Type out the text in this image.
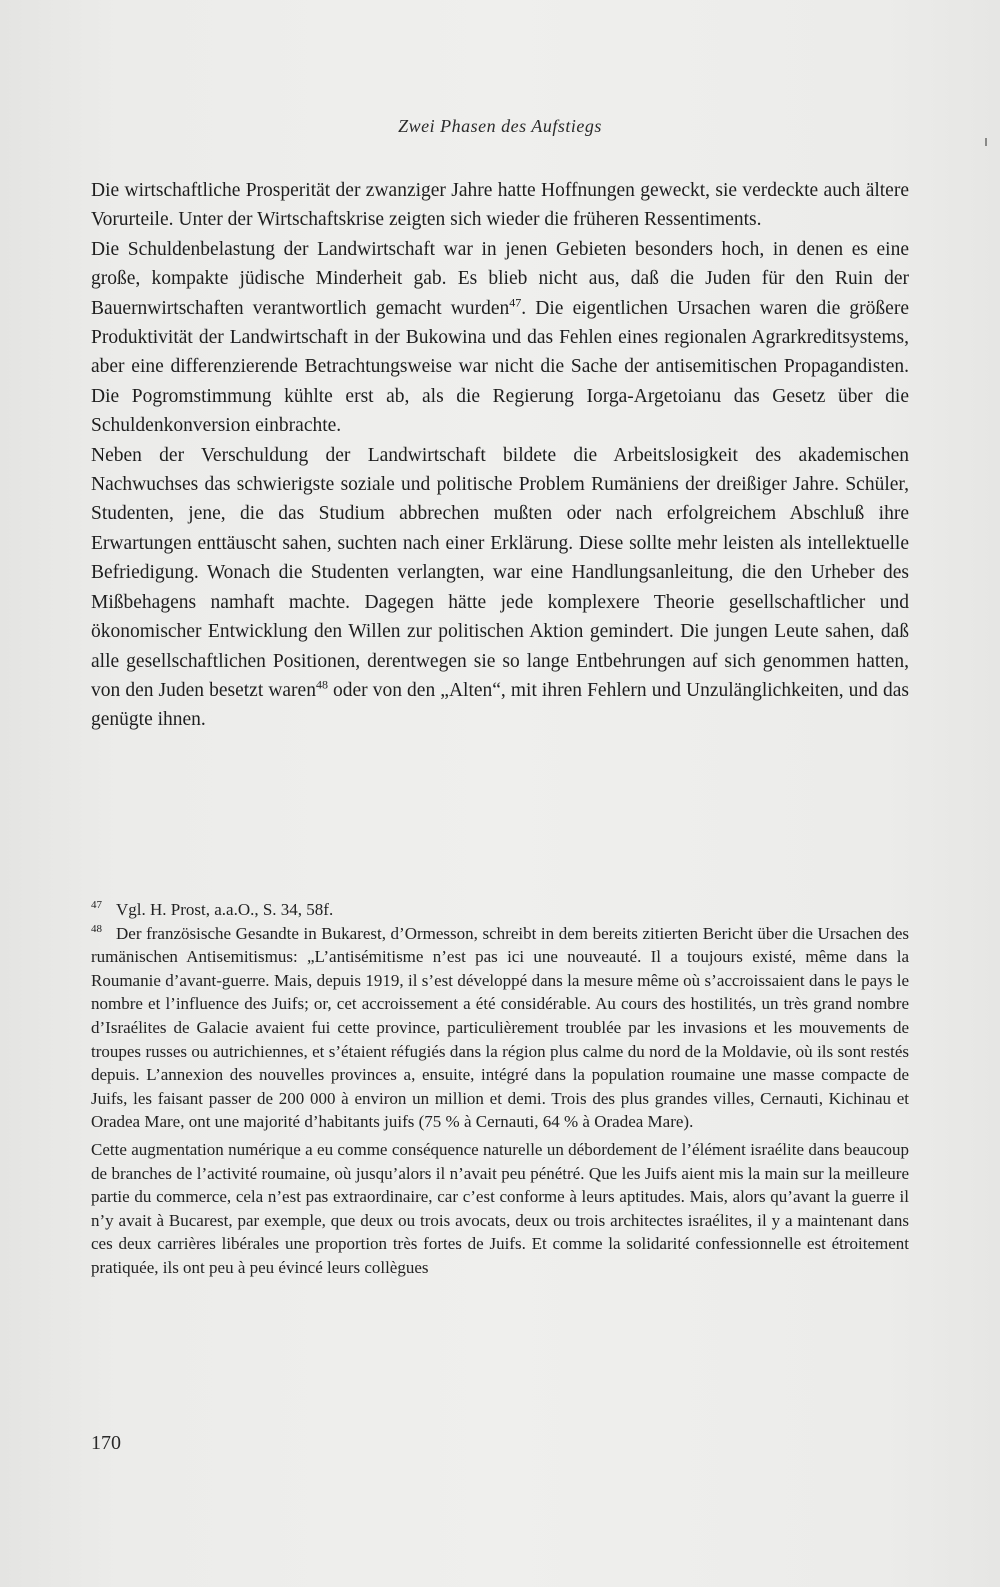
Zwei Phasen des Aufstiegs

Die wirtschaftliche Prosperität der zwanziger Jahre hatte Hoffnungen geweckt, sie verdeckte auch ältere Vorurteile. Unter der Wirtschaftskrise zeigten sich wieder die früheren Ressentiments.

Die Schuldenbelastung der Landwirtschaft war in jenen Gebieten besonders hoch, in denen es eine große, kompakte jüdische Minderheit gab. Es blieb nicht aus, daß die Juden für den Ruin der Bauernwirtschaften verantwortlich gemacht wurden$^{47}$. Die eigentlichen Ursachen waren die größere Produktivität der Landwirtschaft in der Bukowina und das Fehlen eines regionalen Agrarkreditsystems, aber eine differenzierende Betrachtungsweise war nicht die Sache der antisemitischen Propagandisten. Die Pogromstimmung kühlte erst ab, als die Regierung Iorga-Argetoianu das Gesetz über die Schuldenkonversion einbrachte.

Neben der Verschuldung der Landwirtschaft bildete die Arbeitslosigkeit des akademischen Nachwuchses das schwierigste soziale und politische Problem Rumäniens der dreißiger Jahre. Schüler, Studenten, jene, die das Studium abbrechen mußten oder nach erfolgreichem Abschluß ihre Erwartungen enttäuscht sahen, suchten nach einer Erklärung. Diese sollte mehr leisten als intellektuelle Befriedigung. Wonach die Studenten verlangten, war eine Handlungsanleitung, die den Urheber des Mißbehagens namhaft machte. Dagegen hätte jede komplexere Theorie gesellschaftlicher und ökonomischer Entwicklung den Willen zur politischen Aktion gemindert. Die jungen Leute sahen, daß alle gesellschaftlichen Positionen, derentwegen sie so lange Entbehrungen auf sich genommen hatten, von den Juden besetzt waren$^{48}$ oder von den „Alten“, mit ihren Fehlern und Unzulänglichkeiten, und das genügte ihnen.

$^{47}$ Vgl. H. Prost, a.a.O., S. 34, 58f.

$^{48}$ Der französische Gesandte in Bukarest, d’Ormesson, schreibt in dem bereits zitierten Bericht über die Ursachen des rumänischen Antisemitismus: „L’antisémitisme n’est pas ici une nouveauté. Il a toujours existé, même dans la Roumanie d’avant-guerre. Mais, depuis 1919, il s’est développé dans la mesure même où s’accroissaient dans le pays le nombre et l’influence des Juifs; or, cet accroissement a été considérable. Au cours des hostilités, un très grand nombre d’Israélites de Galacie avaient fui cette province, particulièrement troublée par les invasions et les mouvements de troupes russes ou autrichiennes, et s’étaient réfugiés dans la région plus calme du nord de la Moldavie, où ils sont restés depuis. L’annexion des nouvelles provinces a, ensuite, intégré dans la population roumaine une masse compacte de Juifs, les faisant passer de 200 000 à environ un million et demi. Trois des plus grandes villes, Cernauti, Kichinau et Oradea Mare, ont une majorité d’habitants juifs (75 % à Cernauti, 64 % à Oradea Mare).

Cette augmentation numérique a eu comme conséquence naturelle un débordement de l’élément israélite dans beaucoup de branches de l’activité roumaine, où jusqu’alors il n’avait peu pénétré. Que les Juifs aient mis la main sur la meilleure partie du commerce, cela n’est pas extraordinaire, car c’est conforme à leurs aptitudes. Mais, alors qu’avant la guerre il n’y avait à Bucarest, par exemple, que deux ou trois avocats, deux ou trois architectes israélites, il y a maintenant dans ces deux carrières libérales une proportion très fortes de Juifs. Et comme la solidarité confessionnelle est étroitement pratiquée, ils ont peu à peu évincé leurs collègues

170
